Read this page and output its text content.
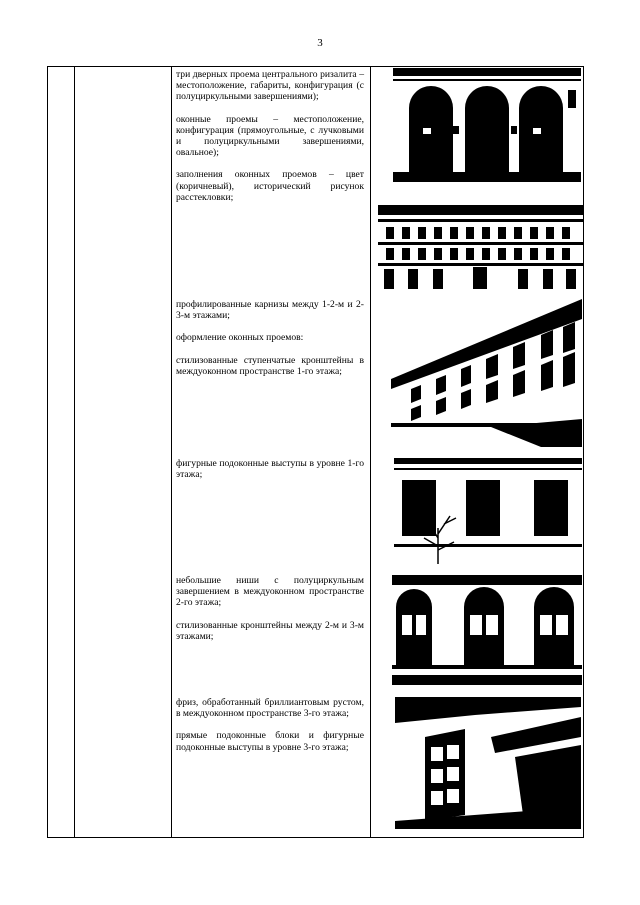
3

три дверных проема центрального ризалита – местоположение, габариты, конфигурация (с полуциркульными завершениями);

оконные проемы – местоположение, конфигурация (прямоугольные, с лучковыми и полуциркульными завершениями, овальное);

заполнения оконных проемов – цвет (коричневый), исторический рисунок расстекловки;

профилированные карнизы между 1-2-м и 2-3-м этажами;

оформление оконных проемов:

стилизованные ступенчатые кронштейны в междуоконном пространстве 1-го этажа;

фигурные подоконные выступы в уровне 1-го этажа;

небольшие ниши с полуциркульным завершением в междуоконном пространстве 2-го этажа;

стилизованные кронштейны между 2-м и 3-м этажами;

фриз, обработанный бриллиантовым рустом, в междуоконном пространстве 3-го этажа;

прямые подоконные блоки и фигурные подоконные выступы в уровне 3-го этажа;
